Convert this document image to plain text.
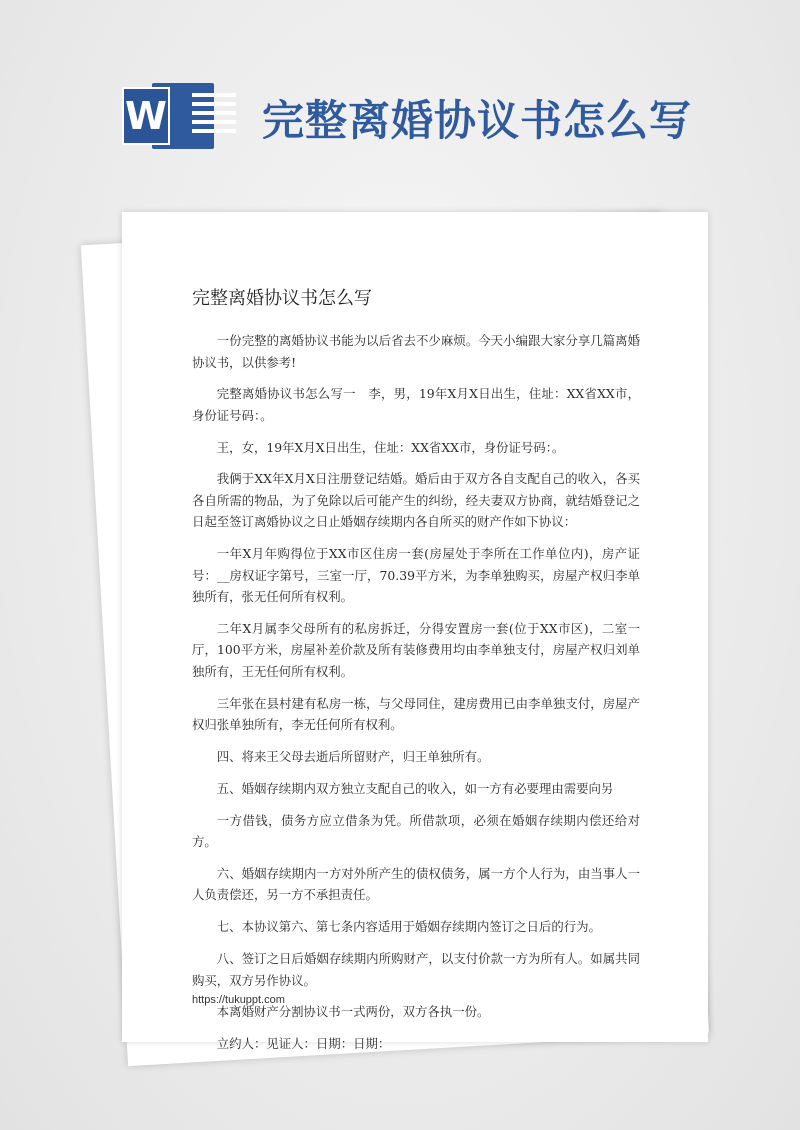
W 完整离婚协议书怎么写
完整离婚协议书怎么写

一份完整的离婚协议书能为以后省去不少麻烦。今天小编跟大家分享几篇离婚协议书，以供参考!

完整离婚协议书怎么写一　李，男，19年X月X日出生，住址：XX省XX市，身份证号码：。

王，女，19年X月X日出生，住址：XX省XX市，身份证号码：。

我俩于XX年X月X日注册登记结婚。婚后由于双方各自支配自己的收入，各买各自所需的物品，为了免除以后可能产生的纠纷，经夫妻双方协商，就结婚登记之日起至签订离婚协议之日止婚姻存续期内各自所买的财产作如下协议：

一年X月年购得位于XX市区住房一套(房屋处于李所在工作单位内)，房产证号：__房权证字第号，三室一厅，70.39平方米，为李单独购买，房屋产权归李单独所有，张无任何所有权利。

二年X月属李父母所有的私房拆迁，分得安置房一套(位于XX市区)，二室一厅，100平方米，房屋补差价款及所有装修费用均由李单独支付，房屋产权归刘单独所有，王无任何所有权利。

三年张在县村建有私房一栋，与父母同住，建房费用已由李单独支付，房屋产权归张单独所有，李无任何所有权利。

四、将来王父母去逝后所留财产，归王单独所有。

五、婚姻存续期内双方独立支配自己的收入，如一方有必要理由需要向另

一方借钱，债务方应立借条为凭。所借款项，必须在婚姻存续期内偿还给对方。

六、婚姻存续期内一方对外所产生的债权债务，属一方个人行为，由当事人一人负责偿还，另一方不承担责任。

七、本协议第六、第七条内容适用于婚姻存续期内签订之日后的行为。

八、签订之日后婚姻存续期内所购财产，以支付价款一方为所有人。如属共同购买，双方另作协议。

本离婚财产分割协议书一式两份，双方各执一份。

立约人：见证人：日期：日期：

https://tukuppt.com
